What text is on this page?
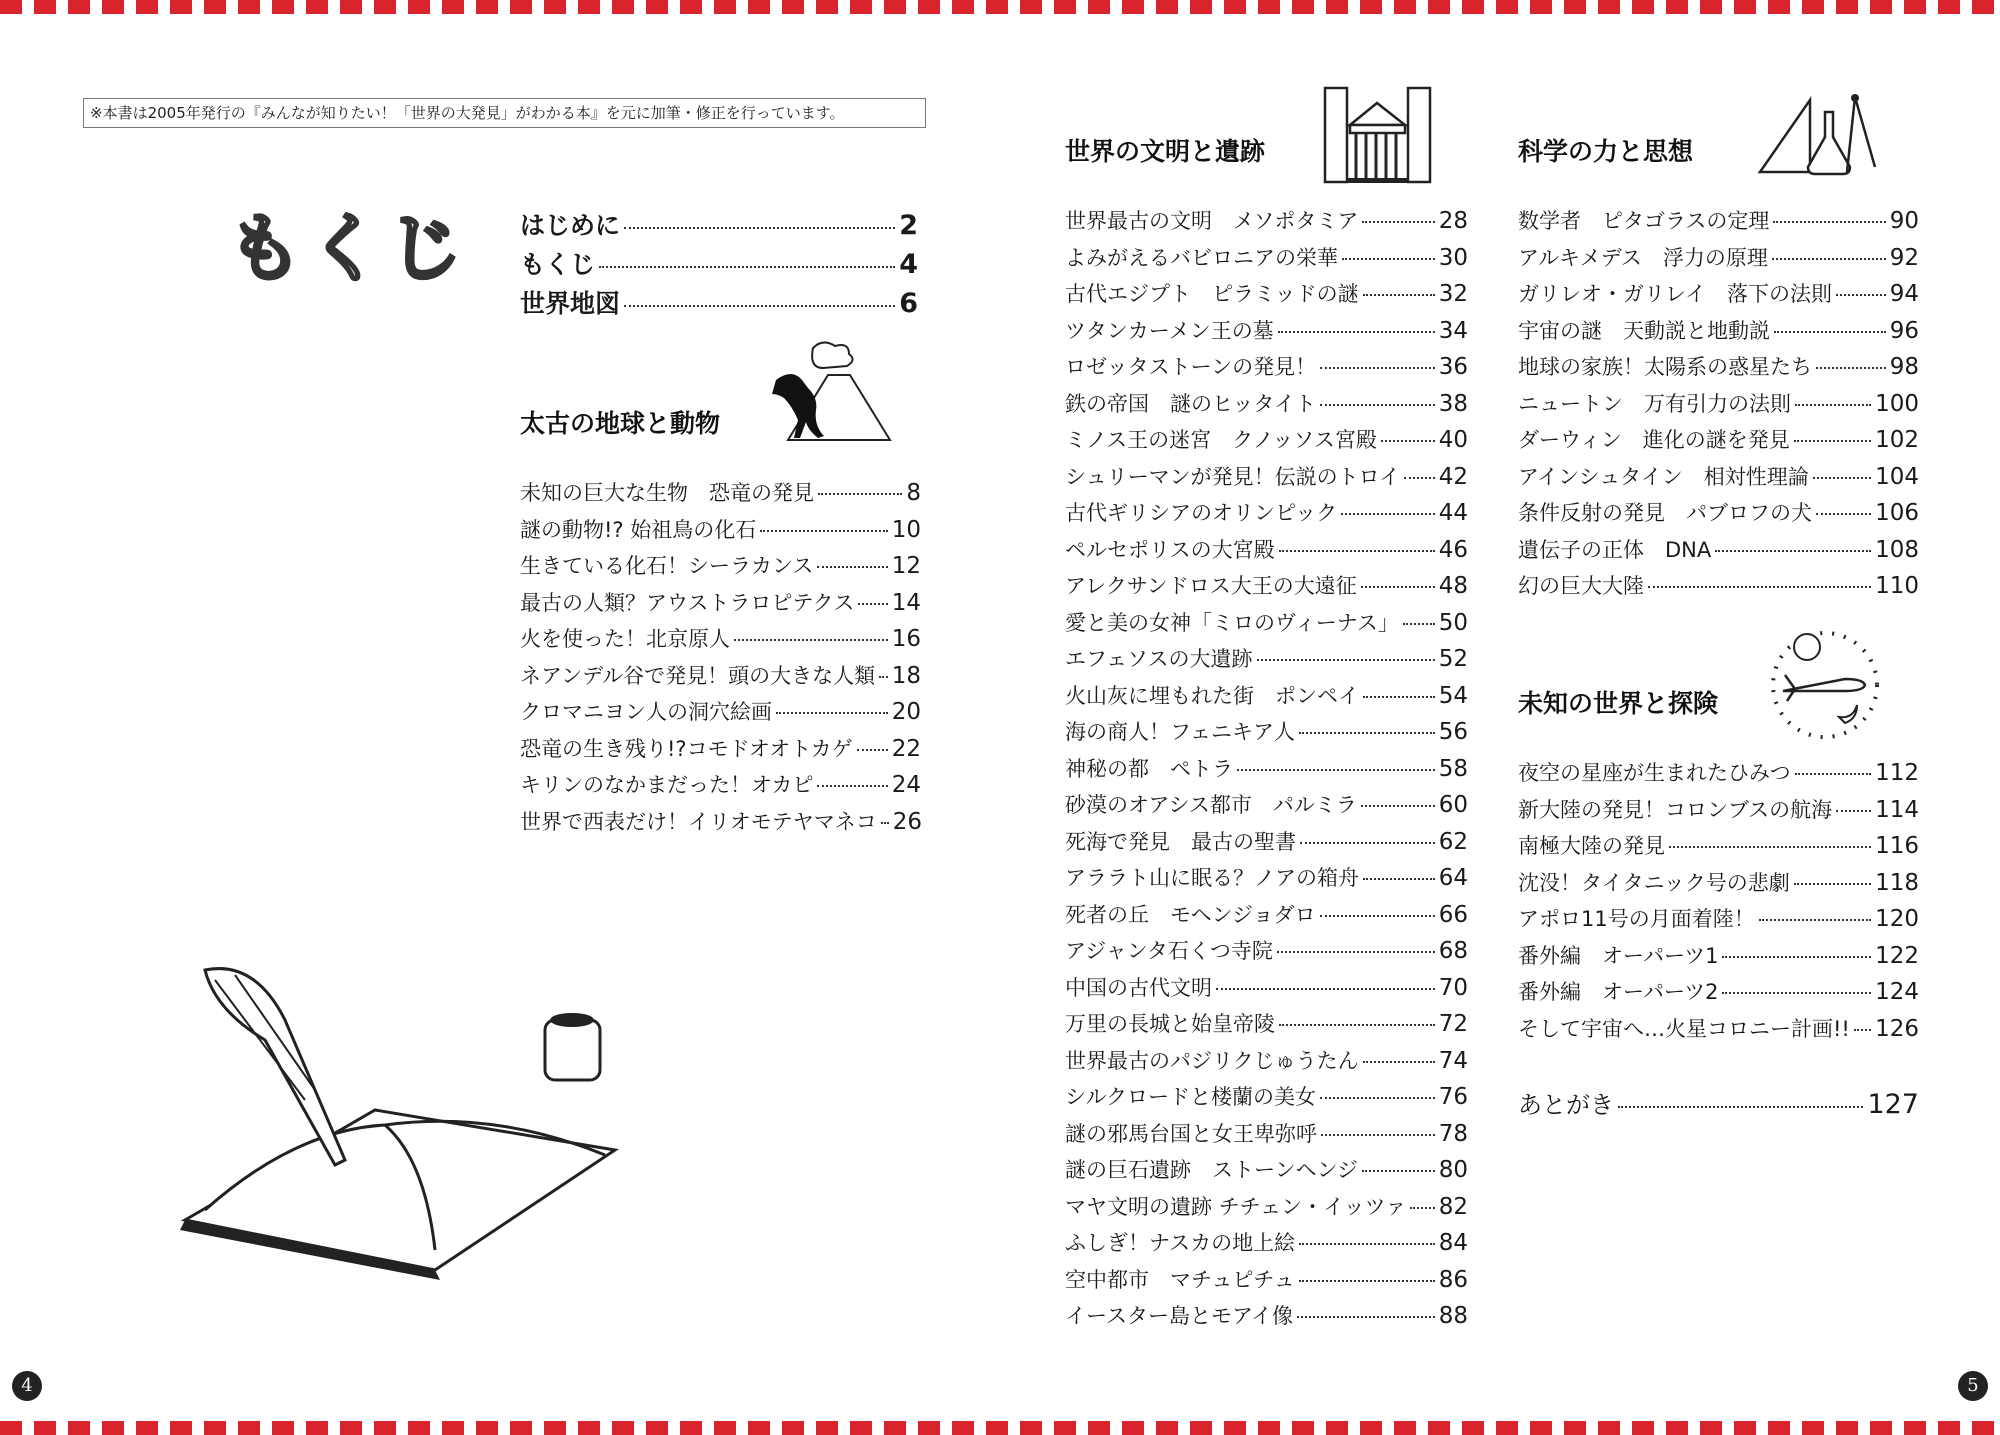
※本書は2005年発行の『みんなが知りたい！「世界の大発見」がわかる本』を元に加筆・修正を行っています。
もくじ はじめに	2
もくじ	4
世界地図	6
太古の地球と動物
未知の巨大な生物　恐竜の発見	8
謎の動物!? 始祖鳥の化石	10
生きている化石！シーラカンス	12
最古の人類？アウストラロピテクス 14
火を使った！北京原人	16
ネアンデル谷で発見！頭の大きな人類 18
クロマニヨン人の洞穴絵画	20
恐竜の生き残り!?コモドオオトカゲ 22
キリンのなかまだった！オカピ	24
世界で西表だけ！イリオモテヤマネコ 26
世界の文明と遺跡
世界最古の文明　メソポタミア	28
よみがえるバビロニアの栄華	30
古代エジプト　ピラミッドの謎	32
ツタンカーメン王の墓	34
ロゼッタストーンの発見！	36
鉄の帝国　謎のヒッタイト	38
ミノス王の迷宮　クノッソス宮殿	40
シュリーマンが発見！伝説のトロイ 42
古代ギリシアのオリンピック	44
ペルセポリスの大宮殿	46
アレクサンドロス大王の大遠征	48
愛と美の女神「ミロのヴィーナス」 50
エフェソスの大遺跡	52
火山灰に埋もれた街　ポンペイ	54
海の商人！フェニキア人	56
神秘の都　ペトラ	58
砂漠のオアシス都市　パルミラ	60
死海で発見　最古の聖書	62
アララト山に眠る？ノアの箱舟	64
死者の丘　モヘンジョダロ	66
アジャンタ石くつ寺院	68
中国の古代文明	70
万里の長城と始皇帝陵	72
世界最古のパジリクじゅうたん	74
シルクロードと楼蘭の美女	76
謎の邪馬台国と女王卑弥呼	78
謎の巨石遺跡　ストーンヘンジ	80
マヤ文明の遺跡 チチェン・イッツァ 82
ふしぎ！ナスカの地上絵	84
空中都市　マチュピチュ	86
イースター島とモアイ像	88
科学の力と思想
数学者　ピタゴラスの定理	90
アルキメデス　浮力の原理	92
ガリレオ・ガリレイ　落下の法則	94
宇宙の謎　天動説と地動説	96
地球の家族！太陽系の惑星たち	98
ニュートン　万有引力の法則	100
ダーウィン　進化の謎を発見	102
アインシュタイン　相対性理論	104
条件反射の発見　パブロフの犬	106
遺伝子の正体　DNA	108
幻の巨大大陸	110
未知の世界と探険
夜空の星座が生まれたひみつ	112
新大陸の発見！コロンブスの航海 114
南極大陸の発見	116
沈没！タイタニック号の悲劇	118
アポロ11号の月面着陸！	120
番外編　オーパーツ1	122
番外編　オーパーツ2	124
そして宇宙へ…火星コロニー計画!! 126
あとがき	127
4	5
